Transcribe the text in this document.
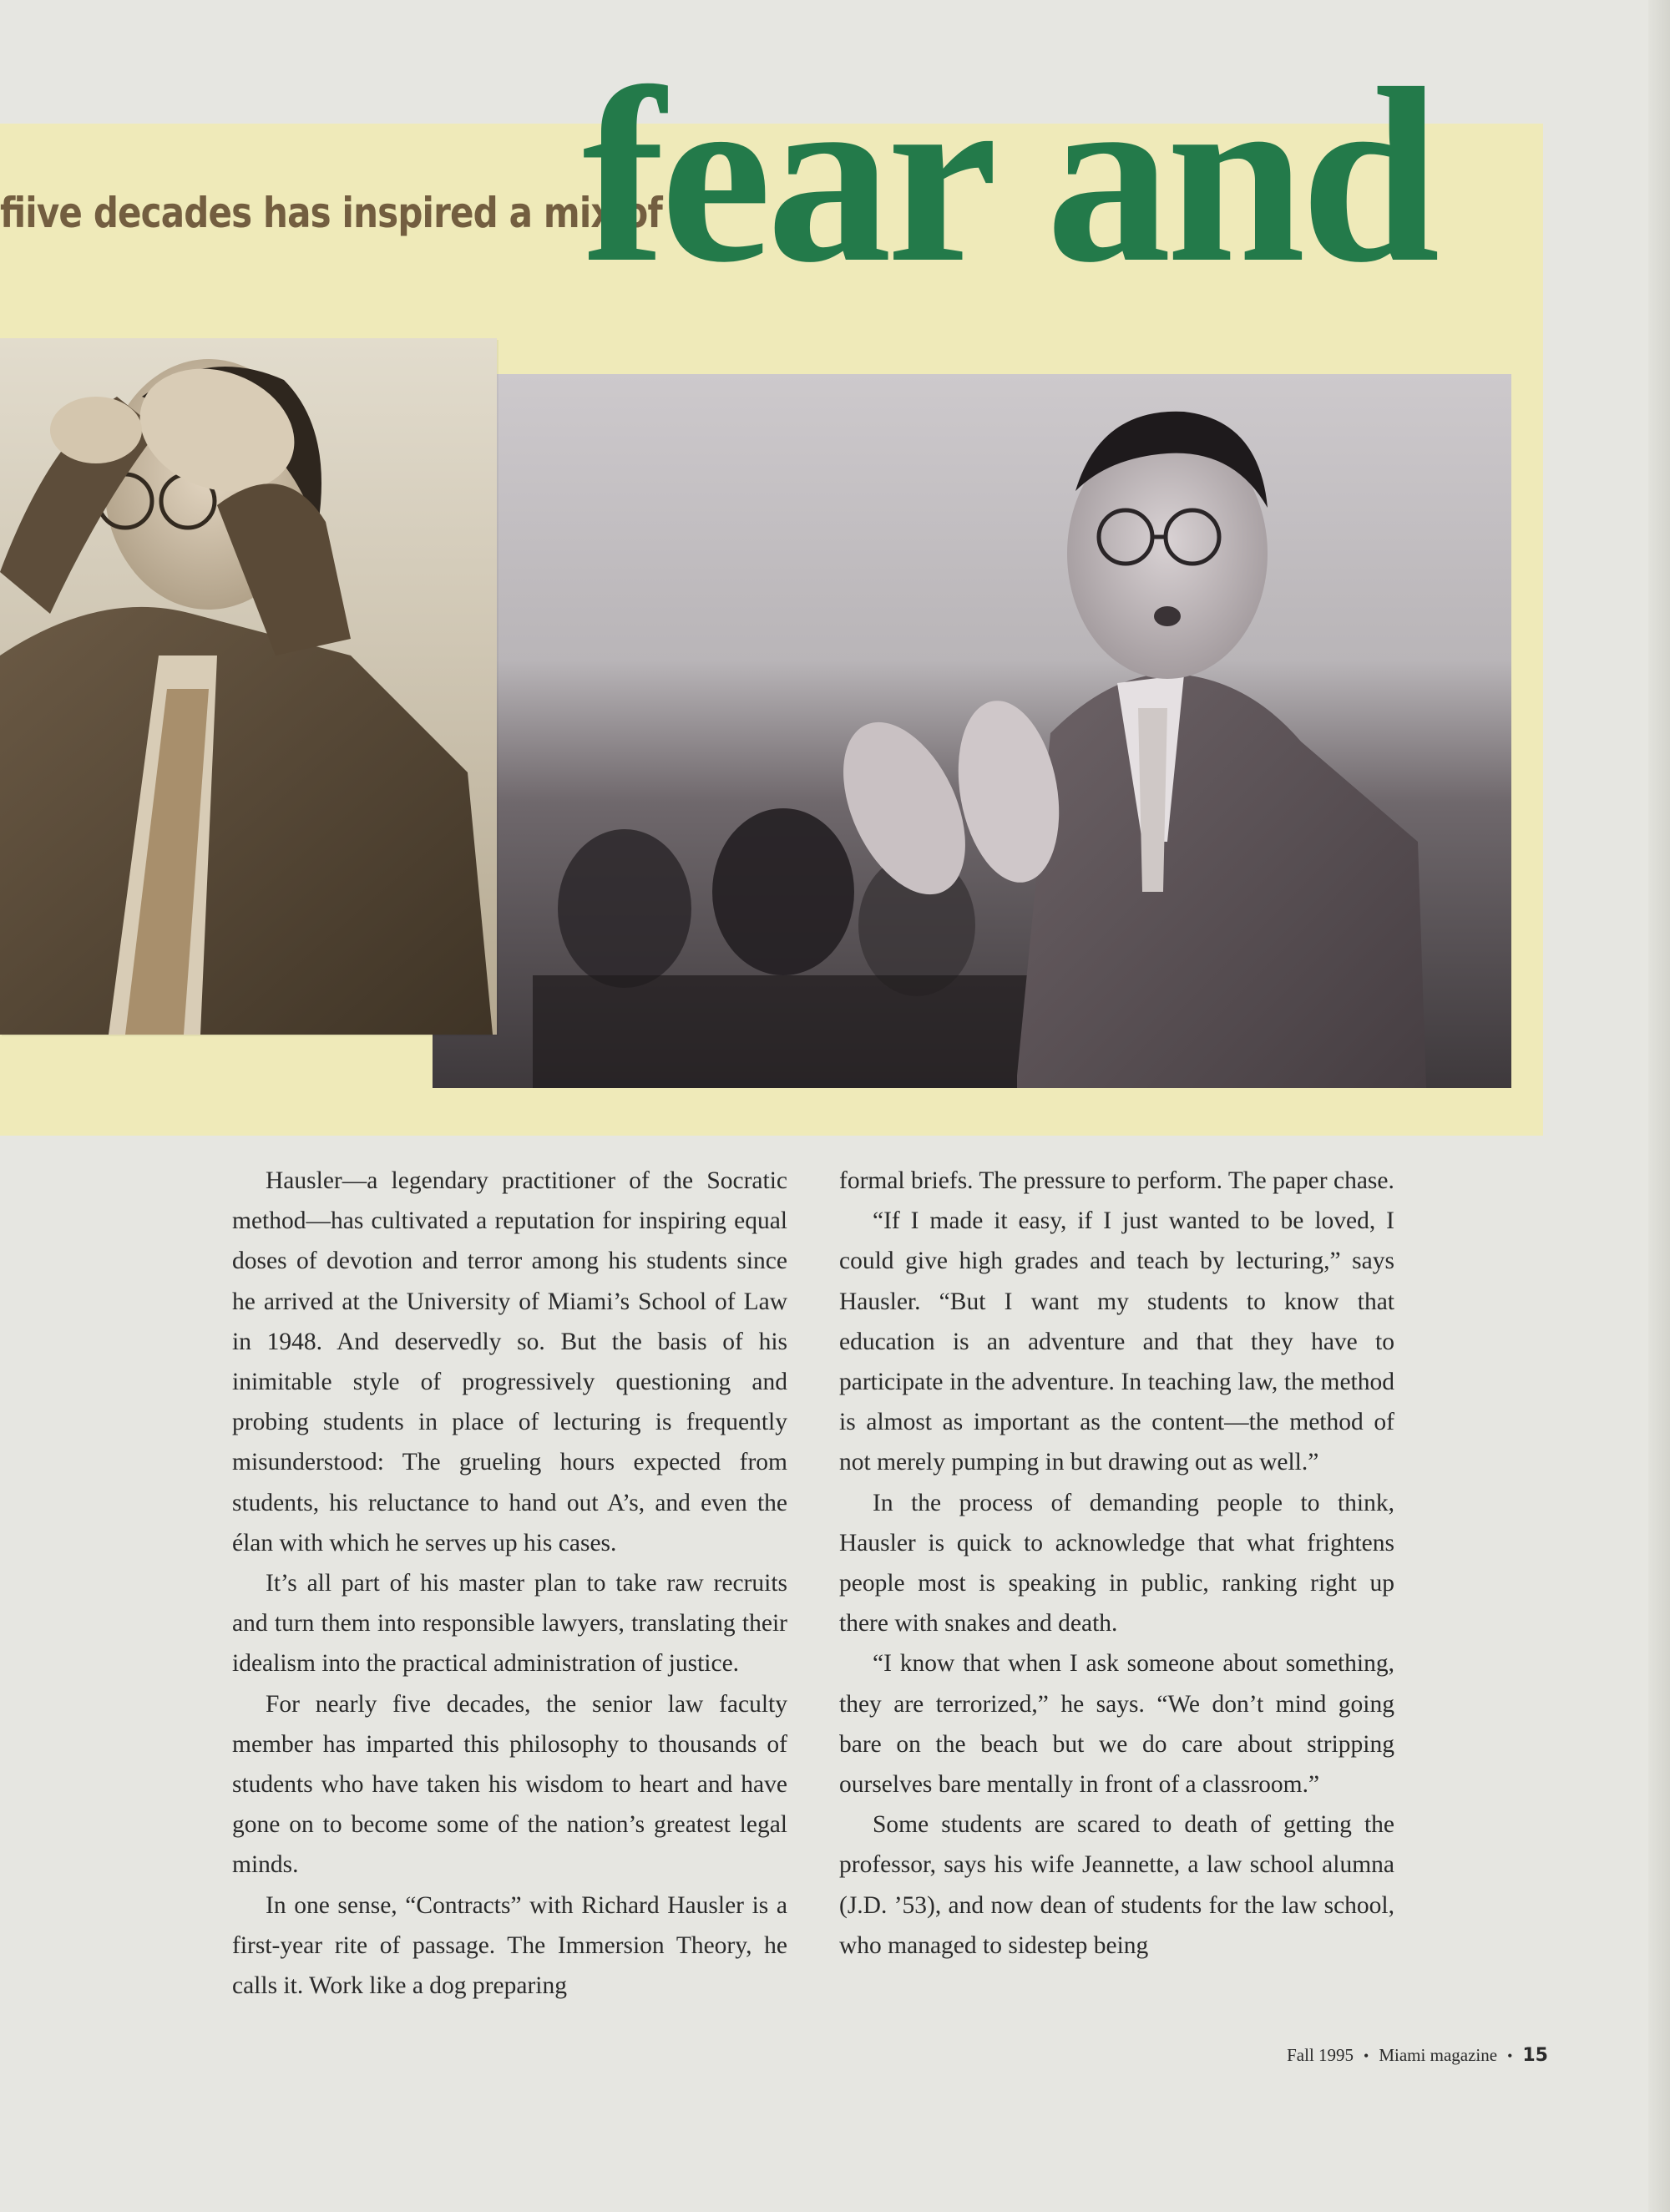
ﬁive decades has inspired a mix of
fear and

Hausler—a legendary practitioner of the Socratic method—has cultivated a reputation for inspiring equal doses of devotion and terror among his students since he arrived at the University of Miami’s School of Law in 1948. And deservedly so. But the basis of his inimitable style of progressively questioning and probing students in place of lecturing is frequently misunderstood: The grueling hours expected from students, his reluctance to hand out A’s, and even the élan with which he serves up his cases.

It’s all part of his master plan to take raw recruits and turn them into responsible lawyers, translating their idealism into the practical administration of justice.

For nearly five decades, the senior law faculty member has imparted this philosophy to thousands of students who have taken his wisdom to heart and have gone on to become some of the nation’s greatest legal minds.

In one sense, “Contracts” with Richard Hausler is a first-year rite of passage. The Immersion Theory, he calls it. Work like a dog preparing

formal briefs. The pressure to perform. The paper chase.

“If I made it easy, if I just wanted to be loved, I could give high grades and teach by lecturing,” says Hausler. “But I want my students to know that education is an adventure and that they have to participate in the adventure. In teaching law, the method is almost as important as the content—the method of not merely pumping in but drawing out as well.”

In the process of demanding people to think, Hausler is quick to acknowledge that what frightens people most is speaking in public, ranking right up there with snakes and death.

“I know that when I ask someone about something, they are terrorized,” he says. “We don’t mind going bare on the beach but we do care about stripping ourselves bare mentally in front of a classroom.”

Some students are scared to death of getting the professor, says his wife Jeannette, a law school alumna (J.D. ’53), and now dean of students for the law school, who managed to sidestep being

Fall 1995 • Miami magazine • 15
